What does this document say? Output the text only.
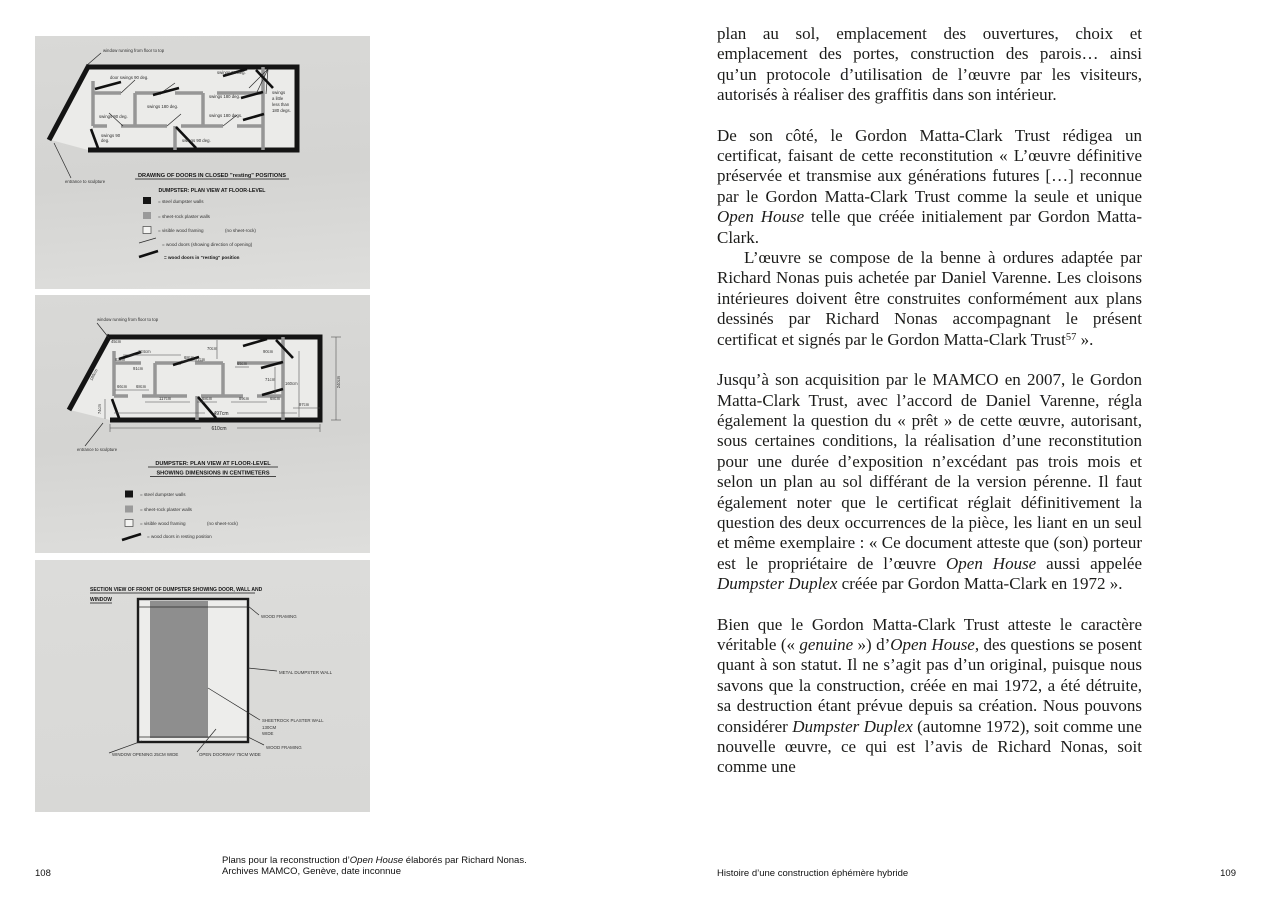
window running from floor to top
door swings 90 deg.
swings 90 deg.
swings
a little
less than
180 degs.
swings 180 deg.
swings 180 deg.
swings 180 degs.
swings 90 deg.
swings 90
deg.	swings 90 deg.
entrance to sculpture
DRAWING OF DOORS IN CLOSED "resting" POSITIONS
DUMPSTER: PLAN VIEW AT FLOOR-LEVEL
= steel dumpster walls
= sheet-rock plaster walls
= visible wood framing	(no sheet-rock)
= wood doors (showing direction of opening)
= wood doors in "resting" position
45cm
63cm
124cm
68cm
70cm
90cm
77cm
65cm
91cm
71cm
160cm	240cm
66cm 68cm
117cm	68cm	89cm	68cm
497cm
97cm
610cm
74cm
186cm
window running from floor to top
entrance to sculpture
DUMPSTER: PLAN VIEW AT FLOOR-LEVEL
SHOWING DIMENSIONS IN CENTIMETERS
= steel dumpster walls
= sheet-rock plaster walls
= visible wood framing	(no sheet-rock)
= wood doors in resting position
SECTION VIEW OF FRONT OF DUMPSTER SHOWING DOOR, WALL AND
WINDOW
WOOD FRAMING
METAL DUMPSTER WALL
SHEETROCK PLASTER WALL
130CM
WIDE
WOOD FRAMING
WINDOW OPENING 25CM WIDE	OPEN DOORWAY 75CM WIDE

plan au sol, emplacement des ouvertures, choix et emplacement des portes, construction des parois… ainsi qu’un protocole d’utilisation de l’œuvre par les visiteurs, autorisés à réaliser des graffitis dans son intérieur.

De son côté, le Gordon Matta-Clark Trust rédigea un certificat, faisant de cette reconstitution « L’œuvre définitive préservée et transmise aux générations futures […] reconnue par le Gordon Matta-Clark Trust comme la seule et unique Open House telle que créée initialement par Gordon Matta-Clark.

L’œuvre se compose de la benne à ordures adaptée par Richard Nonas puis achetée par Daniel Varenne. Les cloisons intérieures doivent être construites conformément aux plans dessinés par Richard Nonas accompagnant le présent certificat et signés par le Gordon Matta-Clark Trust$^{57}$ ».

Jusqu’à son acquisition par le MAMCO en 2007, le Gordon Matta-Clark Trust, avec l’accord de Daniel Varenne, régla également la question du « prêt » de cette œuvre, autorisant, sous certaines conditions, la réalisation d’une reconstitution pour une durée d’exposition n’excédant pas trois mois et selon un plan au sol différant de la version pérenne. Il faut également noter que le certificat réglait définitivement la question des deux occurrences de la pièce, les liant en un seul et même exemplaire : « Ce document atteste que (son) porteur est le propriétaire de l’œuvre Open House aussi appelée Dumpster Duplex créée par Gordon Matta-Clark en 1972 ».

Bien que le Gordon Matta-Clark Trust atteste le caractère véritable (« genuine ») d’Open House, des questions se posent quant à son statut. Il ne s’agit pas d’un original, puisque nous savons que la construction, créée en mai 1972, a été détruite, sa destruction étant prévue depuis sa création. Nous pouvons considérer Dumpster Duplex (automne 1972), soit comme une nouvelle œuvre, ce qui est l’avis de Richard Nonas, soit comme une

Plans pour la reconstruction d’Open House élaborés par Richard Nonas.
Archives MAMCO, Genève, date inconnue
108	Histoire d’une construction éphémère hybride	109
